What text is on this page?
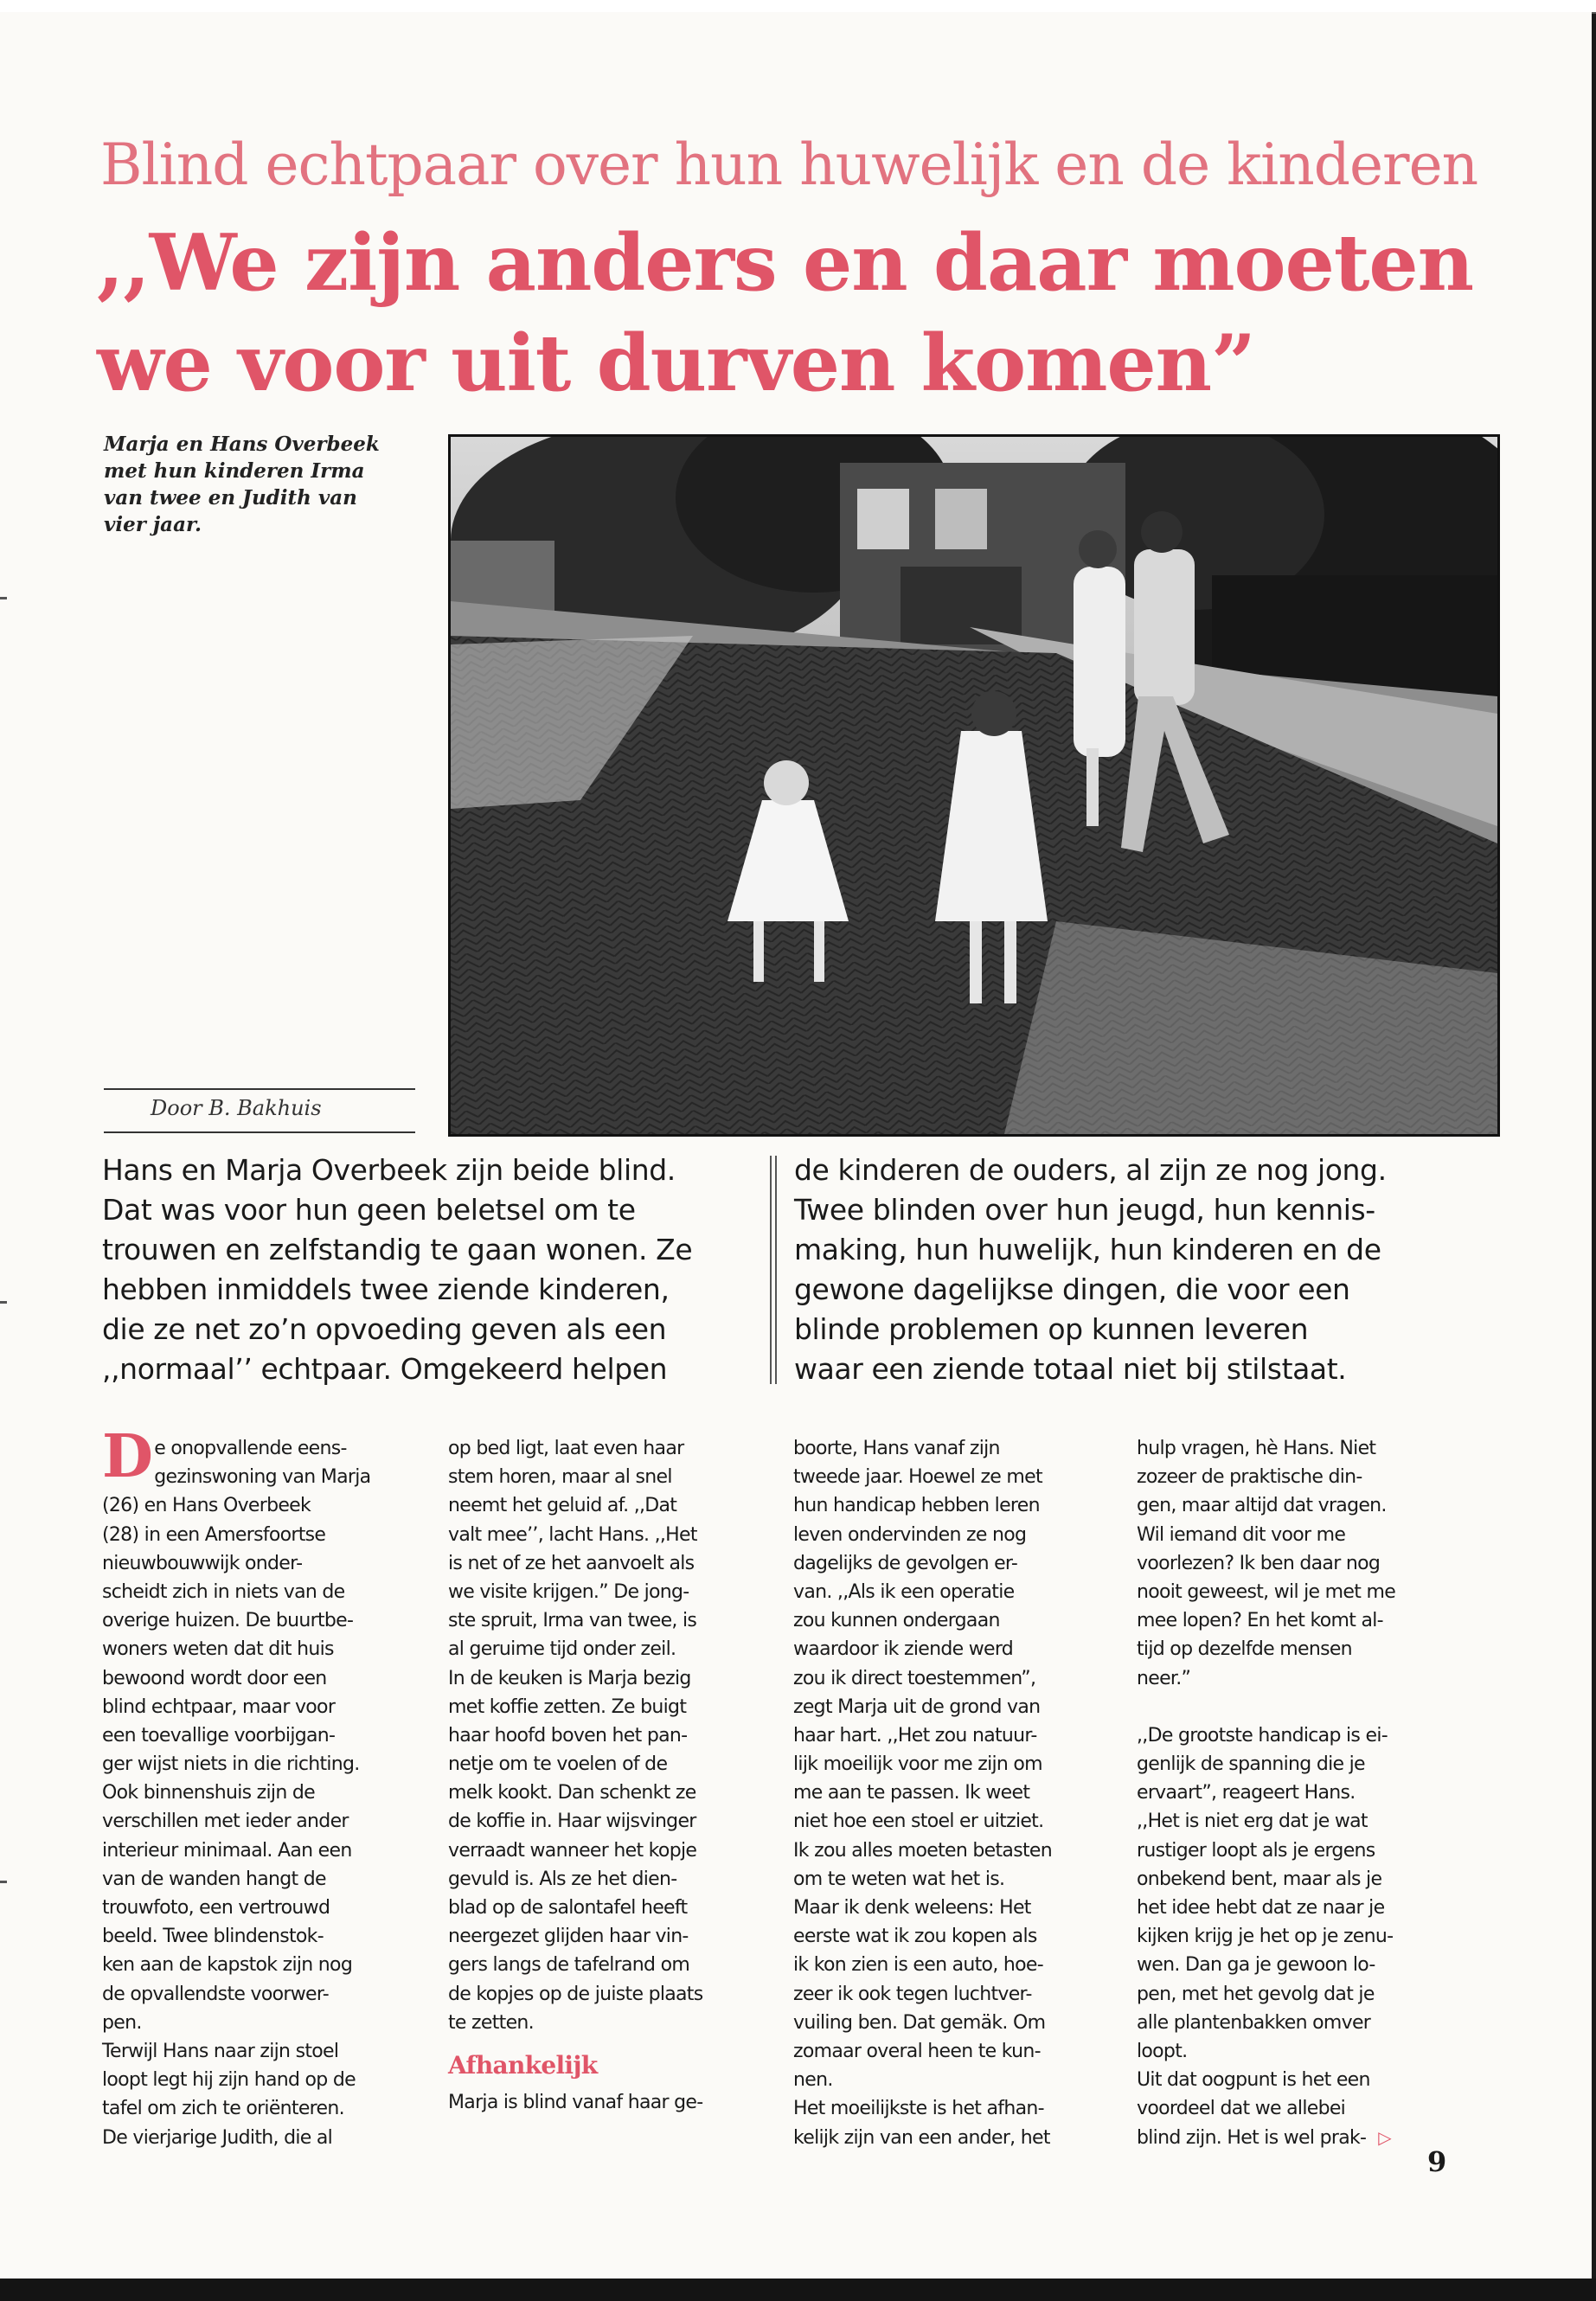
Blind echtpaar over hun huwelijk en de kinderen
,,We zijn anders en daar moeten
we voor uit durven komen”
Marja en Hans Overbeek
met hun kinderen Irma
van twee en Judith van
vier jaar.
Door B. Bakhuis
Hans en Marja Overbeek zijn beide blind.
Dat was voor hun geen beletsel om te
trouwen en zelfstandig te gaan wonen. Ze
hebben inmiddels twee ziende kinderen,
die ze net zo’n opvoeding geven als een
,,normaal’’ echtpaar. Omgekeerd helpen
de kinderen de ouders, al zijn ze nog jong.
Twee blinden over hun jeugd, hun kennis-
making, hun huwelijk, hun kinderen en de
gewone dagelijkse dingen, die voor een
blinde problemen op kunnen leveren
waar een ziende totaal niet bij stilstaat.
D e onopvallende eens-
gezinswoning van Marja
(26) en Hans Overbeek
(28) in een Amersfoortse
nieuwbouwwijk onder-
scheidt zich in niets van de
overige huizen. De buurtbe-
woners weten dat dit huis
bewoond wordt door een
blind echtpaar, maar voor
een toevallige voorbijgan-
ger wijst niets in die richting.
Ook binnenshuis zijn de
verschillen met ieder ander
interieur minimaal. Aan een
van de wanden hangt de
trouwfoto, een vertrouwd
beeld. Twee blindenstok-
ken aan de kapstok zijn nog
de opvallendste voorwer-
pen.
Terwijl Hans naar zijn stoel
loopt legt hij zijn hand op de
tafel om zich te oriënteren.
De vierjarige Judith, die al
op bed ligt, laat even haar
stem horen, maar al snel
neemt het geluid af. ,,Dat
valt mee’’, lacht Hans. ,,Het
is net of ze het aanvoelt als
we visite krijgen.” De jong-
ste spruit, Irma van twee, is
al geruime tijd onder zeil.
In de keuken is Marja bezig
met koffie zetten. Ze buigt
haar hoofd boven het pan-
netje om te voelen of de
melk kookt. Dan schenkt ze
de koffie in. Haar wijsvinger
verraadt wanneer het kopje
gevuld is. Als ze het dien-
blad op de salontafel heeft
neergezet glijden haar vin-
gers langs de tafelrand om
de kopjes op de juiste plaats
te zetten.
Afhankelijk
Marja is blind vanaf haar ge-
boorte, Hans vanaf zijn
tweede jaar. Hoewel ze met
hun handicap hebben leren
leven ondervinden ze nog
dagelijks de gevolgen er-
van. ,,Als ik een operatie
zou kunnen ondergaan
waardoor ik ziende werd
zou ik direct toestemmen”,
zegt Marja uit de grond van
haar hart. ,,Het zou natuur-
lijk moeilijk voor me zijn om
me aan te passen. Ik weet
niet hoe een stoel er uitziet.
Ik zou alles moeten betasten
om te weten wat het is.
Maar ik denk weleens: Het
eerste wat ik zou kopen als
ik kon zien is een auto, hoe-
zeer ik ook tegen luchtver-
vuiling ben. Dat gemäk. Om
zomaar overal heen te kun-
nen.
Het moeilijkste is het afhan-
kelijk zijn van een ander, het
hulp vragen, hè Hans. Niet
zozeer de praktische din-
gen, maar altijd dat vragen.
Wil iemand dit voor me
voorlezen? Ik ben daar nog
nooit geweest, wil je met me
mee lopen? En het komt al-
tijd op dezelfde mensen
neer.”
,,De grootste handicap is ei-
genlijk de spanning die je
ervaart”, reageert Hans.
,,Het is niet erg dat je wat
rustiger loopt als je ergens
onbekend bent, maar als je
het idee hebt dat ze naar je
kijken krijg je het op je zenu-
wen. Dan ga je gewoon lo-
pen, met het gevolg dat je
alle plantenbakken omver
loopt.
Uit dat oogpunt is het een
voordeel dat we allebei
blind zijn. Het is wel prak- ▷
9
